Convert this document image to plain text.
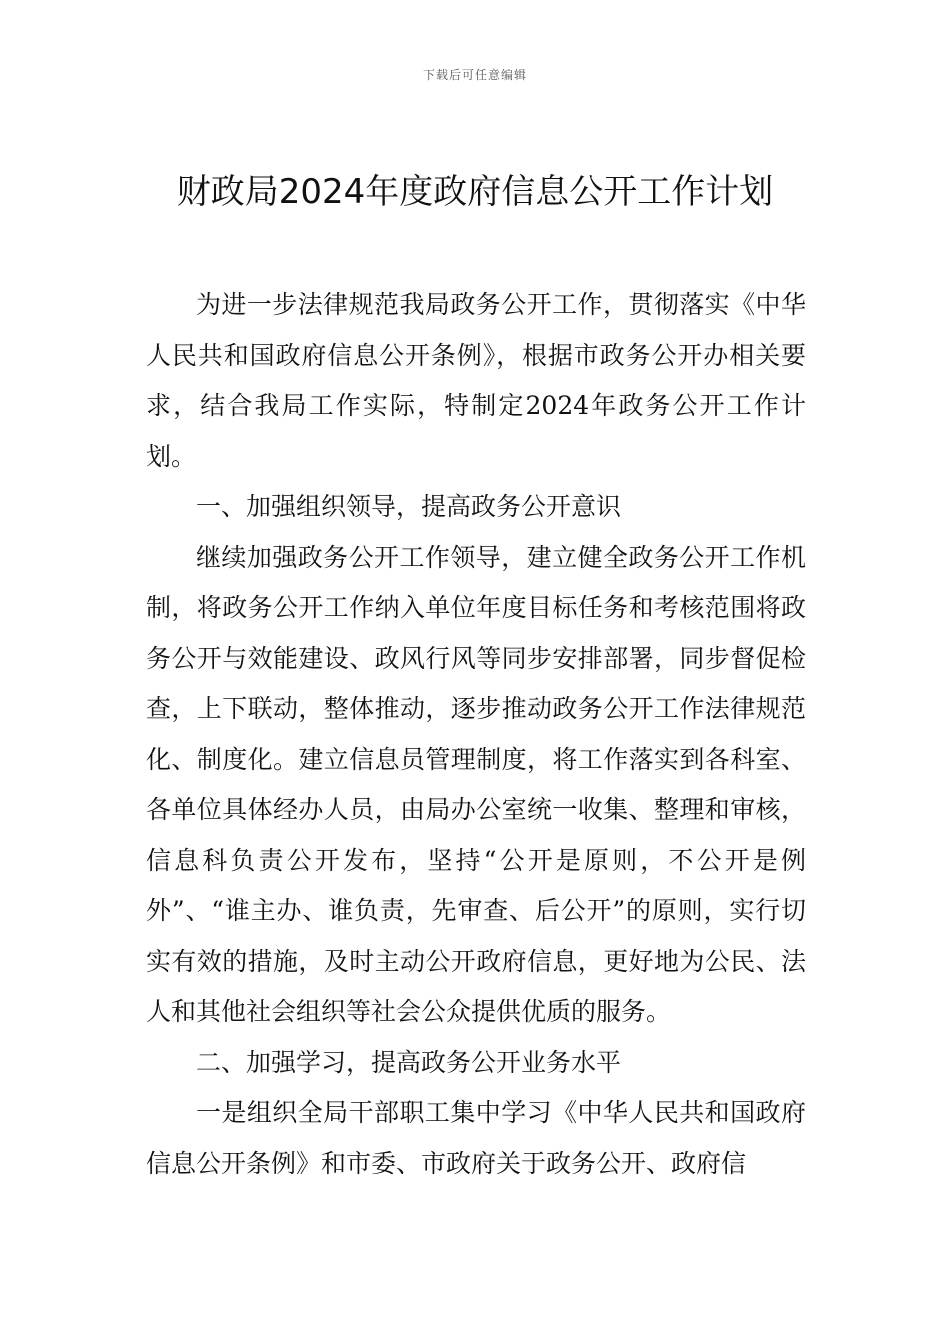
下载后可任意编辑
财政局2024年度政府信息公开工作计划

为进一步法律规范我局政务公开工作，贯彻落实《中华人民共和国政府信息公开条例》，根据市政务公开办相关要求，结合我局工作实际，特制定2024年政务公开工作计划。

一、加强组织领导，提高政务公开意识

继续加强政务公开工作领导，建立健全政务公开工作机制，将政务公开工作纳入单位年度目标任务和考核范围将政务公开与效能建设、政风行风等同步安排部署，同步督促检查，上下联动，整体推动，逐步推动政务公开工作法律规范化、制度化。建立信息员管理制度，将工作落实到各科室、各单位具体经办人员，由局办公室统一收集、整理和审核，信息科负责公开发布，坚持“公开是原则，不公开是例外”、“谁主办、谁负责，先审查、后公开”的原则，实行切实有效的措施，及时主动公开政府信息，更好地为公民、法人和其他社会组织等社会公众提供优质的服务。

二、加强学习，提高政务公开业务水平

一是组织全局干部职工集中学习《中华人民共和国政府信息公开条例》和市委、市政府关于政务公开、政府信
